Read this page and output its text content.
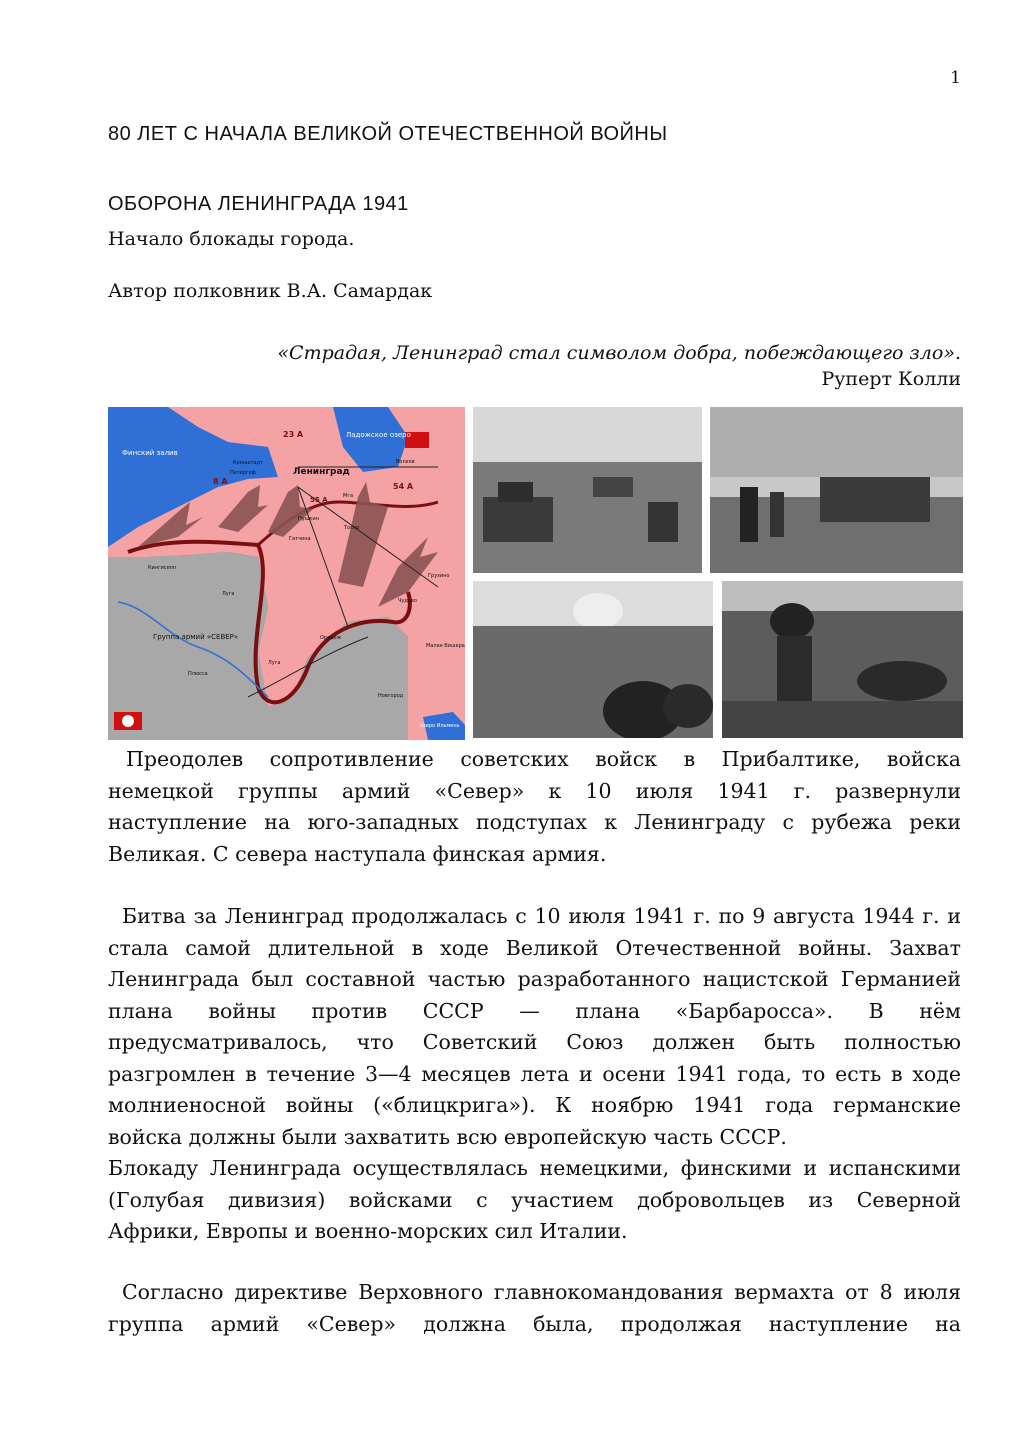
1
80 ЛЕТ С НАЧАЛА ВЕЛИКОЙ ОТЕЧЕСТВЕННОЙ ВОЙНЫ
ОБОРОНА ЛЕНИНГРАДА 1941
Начало блокады города.
Автор полковник В.А. Самардак
«Страдая, Ленинград стал символом добра, побеждающего зло».
Руперт Колли
Финский залив
Ладожское озеро
Ленинград
23 А
8 А
54 А
55 А
Кронштадт
Петергоф
Волхов
Мга
Тосно
Пушкин
Гатчина
Кингисепп
Луга
Чудово
Грузино
Оредеж
Группа армий «СЕВЕР»
Луга
Малая Вишера
Новгород
озеро Ильмень
Плюсса
Преодолев сопротивление советских войск в Прибалтике, войска
немецкой группы армий «Север» к 10 июля 1941 г. развернули
наступление на юго-западных подступах к Ленинграду с рубежа реки
Великая. С севера наступала финская армия.
Битва за Ленинград продолжалась с 10 июля 1941 г. по 9 августа 1944 г. и
стала самой длительной в ходе Великой Отечественной войны. Захват
Ленинграда был составной частью разработанного нацистской Германией
плана войны против СССР — плана «Барбаросса». В нём
предусматривалось, что Советский Союз должен быть полностью
разгромлен в течение 3—4 месяцев лета и осени 1941 года, то есть в ходе
молниеносной войны («блицкрига»). К ноябрю 1941 года германские
войска должны были захватить всю европейскую часть СССР.
Блокаду Ленинграда осуществлялась немецкими, финскими и испанскими
(Голубая дивизия) войсками с участием добровольцев из Северной
Африки, Европы и военно-морских сил Италии.
Согласно директиве Верховного главнокомандования вермахта от 8 июля
группа армий «Север» должна была, продолжая наступление на
